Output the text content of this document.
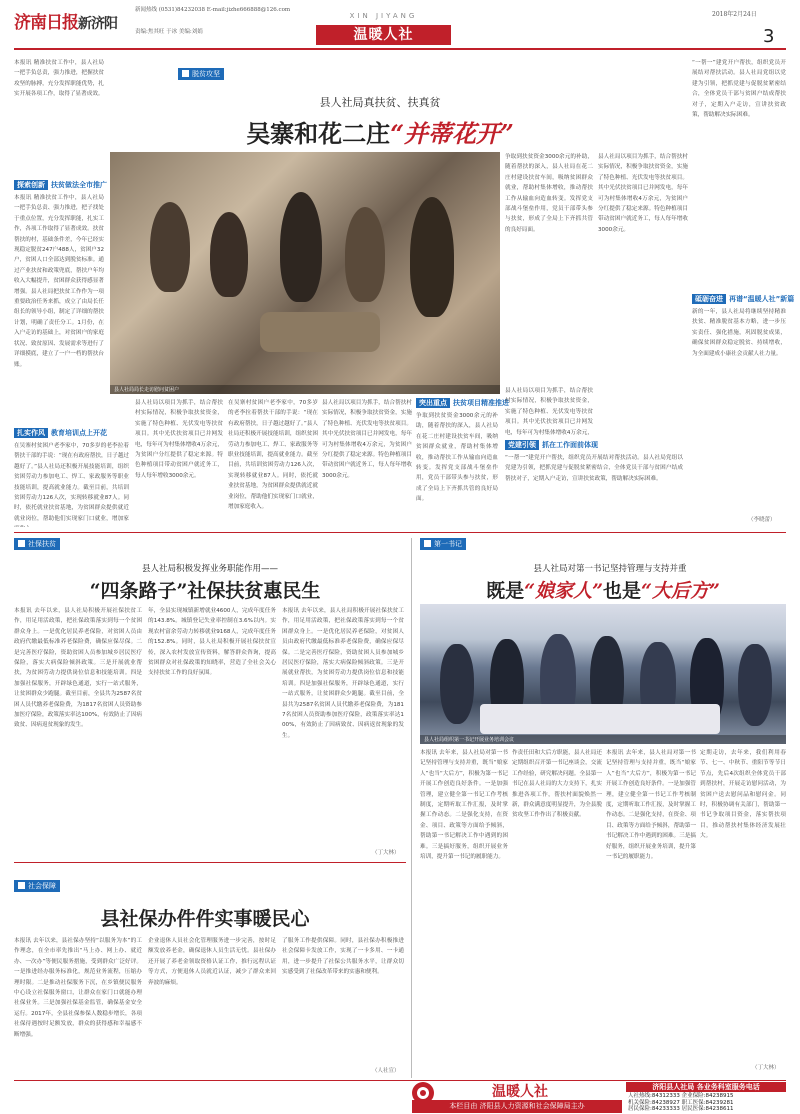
济南日报新济阳
新闻热线 (0531)84232038 E-mail:jizhe666888@126.com
责编:焦其旺 于冰 美编:刘娟
XIN JIYANG
温暖人社
2018年2月24日
3
本报讯 精准扶贫工作中，县人社局一把手负总责，强力推进，把握扶贫攻坚的脉搏，充分发挥职能优势，扎实开展各项工作，取得了显著成效。
脱贫攻坚
县人社局真扶贫、扶真贫
吴寨和花二庄“并蒂花开”
探索创新 扶贫做法全市推广
本报讯 精准扶贫工作中，县人社局一把手负总责、强力推进，把子找处于重点位置，充分发挥职能，扎实工作，各项工作取得了显著成效。扶贫帮扶的村，基础条件差，今年已经实现稳定脱贫247户488人，贫困户32户，贫困人口全部达到脱贫标准。通过产业扶贫和政策兜底，帮扶户年均收入大幅提升，贫困群众获得感显著增强。县人社局把扶贫工作作为一项重要政治任务来抓，成立了由局长任组长的领导小组，制定了详细的帮扶计划，明确了责任分工。1月份，在入户走访的基础上，对贫困户的家庭状况、致贫原因、发展需求等进行了详细摸底，建立了一户一档的帮扶台账。
扎实作风 教育培训点上开花
在吴寨村贫困户老李家中，70多岁的老李拉着帮扶干部的手说：“现在有政府帮扶，日子越过越好了。”县人社局还积极开展技能培训，组织贫困劳动力参加电工、焊工、家政服务等职业技能培训，提高就业能力。截至目前，共培训贫困劳动力126人次，实现转移就业87人。同时，依托就业扶贫基地，为贫困群众提供就近就业岗位，帮助他们实现家门口就业，增加家
县人社局局长走访慰问贫困户
县人社局以项目为抓手，结合帮扶村实际情况，积极争取扶贫资金，实施了特色种植、光伏发电等扶贫项目。其中光伏扶贫项目已并网发电，每年可为村集体增收4万余元，为贫困户分红提供了稳定来源。特色种植项目带动贫困户就近务工，每人每年增收3000余元。
在吴寨村贫困户老李家中，70多岁的老李拉着帮扶干部的手说：“现在有政府帮扶，日子越过越好了。”县人社局还积极开展技能培训，组织贫困劳动力参加电工、焊工、家政服务等职业技能培训，提高就业能力。截至目前，共培训贫困劳动力126人次，实现转移就业87人。同时，依托就业扶贫基地，为贫困群众提供就近就业岗位，帮助他们实现家门口就业，增加家庭收入。
县人社局以项目为抓手，结合帮扶村实际情况，积极争取扶贫资金，实施了特色种植、光伏发电等扶贫项目。其中光伏扶贫项目已并网发电，每年可为村集体增收4万余元，为贫困户分红提供了稳定来源。特色种植项目带动贫困户就近务工，每人每年增收3000余元。
争取到扶贫资金3000余元的补助，随着帮扶的深入，县人社局在花二庄村建设扶贫车间，吸纳贫困群众就业，帮助村集体增收，推动帮扶工作从输血向造血转变。发挥党支部战斗堡垒作用，党员干部带头参与扶贫，形成了全局上下齐抓共管的良好局面。
县人社局以项目为抓手，结合帮扶村实际情况，积极争取扶贫资金，实施了特色种植、光伏发电等扶贫项目。其中光伏扶贫项目已并网发电，每年可为村集体增收4万余元，为贫困户分红提供了稳定来源。特色种植项目带动贫困户就近务工，每人每年增收3000余元。
突出重点 扶贫项目精准推进
争取到扶贫资金3000余元的补助，随着帮扶的深入，县人社局在花二庄村建设扶贫车间，吸纳贫困群众就业，帮助村集体增收，推动帮扶工作从输血向造血转变。发挥党支部战斗堡垒作用，党员干部带头参与扶贫，形成了全局上下齐抓共管的良好局面。
县人社局以项目为抓手，结合帮扶村实际情况，积极争取扶贫资金，实施了特色种植、光伏发电等扶贫项目。其中光伏扶贫项目已并网发电，每年可为村集体增收4万余元，
党建引领 抓在工作面前体现
“一帮一”建党开户帮扶，组织党员开展结对帮扶活动。县人社局党组以党建为引领，把抓党建与促脱贫紧密结合，全体党员干部与贫困户结成帮扶对子，定期入户走访，宣讲扶贫政策，帮助解决实际困难。
“一帮一”建党开户帮扶，组织党员开展结对帮扶活动。县人社局党组以党建为引领，把抓党建与促脱贫紧密结合，全体党员干部与贫困户结成帮扶对子，定期入户走访，宣讲扶贫政策，帮助解决实际困难。
砥砺奋进 再谱“温暖人社”新篇
新的一年，县人社局将继续坚持精准扶贫、精准脱贫基本方略，进一步压实责任、强化措施，巩固脱贫成果，确保贫困群众稳定脱贫、持续增收，为全面建成小康社会贡献人社力量。
（李晓蕾）
社保扶贫
县人社局积极发挥业务职能作用——
“四条路子”社保扶贫惠民生
本报讯 去年以来，县人社局积极开展社保扶贫工作，用足用活政策，把社保政策落实到每一个贫困群众身上。一是优化居民养老保险，对贫困人员由政府代缴最低标准养老保险费，确保应保尽保。二是完善医疗保险，资助贫困人员参加城乡居民医疗保险，落实大病保险倾斜政策。三是开展就业帮扶，为贫困劳动力提供岗位信息和技能培训。四是加强社保服务，开辟绿色通道，实行一站式服务，让贫困群众少跑腿。截至目前，全县共为2587名贫困人员代缴养老保险费，为1817名贫困人员资助参加医疗保险，政策落实率达100%，有效防止了因病致贫、因病返贫现象的发生。
年，全县实现城镇新增就业4600人，完成年度任务的143.8%。城镇登记失业率控制在3.6%以内。实现农村富余劳动力转移就业9168人，完成年度任务的152.8%。同时，县人社局积极开展社保扶贫宣传，深入农村发放宣传资料，解答群众咨询，提高贫困群众对社保政策的知晓率，营造了全社会关心支持扶贫工作的良好氛围。
本报讯 去年以来，县人社局积极开展社保扶贫工作，用足用活政策，把社保政策落实到每一个贫困群众身上。一是优化居民养老保险，对贫困人员由政府代缴最低标准养老保险费，确保应保尽保。二是完善医疗保险，资助贫困人员参加城乡居民医疗保险，落实大病保险倾斜政策。三是开展就业帮扶，为贫困劳动力提供岗位信息和技能培训。四是加强社保服务，开辟绿色通道，实行一站式服务，让贫困群众少跑腿。截至目前，全县共为2587名贫困人员代缴养老保险费，为1817名贫困人员资助参加医疗保险，政策落实率达100%，有效防止了因病致贫、因病返贫现象的发生。
（丁大林）
第一书记
县人社局对第一书记坚持管理与支持并重
既是“娘家人”也是“大后方”
县人社局组织第一书记开展业务培训会议
本报讯 去年来，县人社局对第一书记坚持管理与支持并重，既当“娘家人”也当“大后方”，积极为第一书记开展工作创造良好条件。一是加强管理，建立健全第一书记工作考核制度，定期听取工作汇报，及时掌握工作动态。二是强化支持，在资金、项目、政策等方面给予倾斜，帮助第一书记解决工作中遇到的困难。三是搞好服务，组织开展业务培训，提升第一书记的履职能力。
作责任田和大后方职能，县人社局还定期组织召开第一书记座谈会，交流工作经验，研究解决问题。全县第一书记在县人社局的大力支持下，扎实推进各项工作，帮扶村面貌焕然一新，群众满意度明显提升，为全县脱贫攻坚工作作出了积极贡献。
本报讯 去年来，县人社局对第一书记坚持管理与支持并重，既当“娘家人”也当“大后方”，积极为第一书记开展工作创造良好条件。一是加强管理，建立健全第一书记工作考核制度，定期听取工作汇报，及时掌握工作动态。二是强化支持，在资金、项目、政策等方面给予倾斜，帮助第一书记解决工作中遇到的困难。三是搞好服务，组织开展业务培训，提升第一书记的履职能力。
定期走访，去年来，我们利用春节、七一、中秋节、重阳节等节日节点，先后4次组织全体党员干部到帮扶村，开展走访慰问活动，为贫困户送去慰问品和慰问金。同时，积极协调有关部门，帮助第一书记争取项目资金，落实帮扶项目，推动帮扶村集体经济发展壮大。
（丁大林）
社会保障
县社保办件件实事暖民心
本报讯 去年以来，县社保办坚持“以服务为本”的工作理念，在全市率先推出“马上办、网上办、就近办、一次办”等便民服务措施，受到群众广泛好评。一是推进经办服务标准化，规范业务流程，压缩办理时限。二是推动社保服务下沉，在乡镇便民服务中心设立社保服务窗口，让群众在家门口就能办理社保业务。三是加强社保基金监管，确保基金安全运行。2017年，全县社保参保人数稳步增长，各项社保待遇按时足额发放，群众的获得感和幸福感不断增强。
企业退休人员社会化管理服务进一步完善，按时足额发放养老金，确保退休人员生活无忧。县社保办还开展了养老金领取资格认证工作，推行远程认证等方式，方便退休人员就近认证，减少了群众来回奔波的麻烦。
了服务工作提供保障。同时，县社保办积极推进社会保障卡发放工作，实现了一卡多用、一卡通用，进一步提升了社保公共服务水平，让群众切实感受到了社保改革带来的实惠和便利。
（人社宣）
温暖人社
本栏目由 济阳县人力资源和社会保障局主办
济阳县人社局 各业务科室服务电话
人社热线:84312333 企业保险:84238915
机关保险:84238927 职工医保:84239281
居民保险:84233333 居民医保:84238611
